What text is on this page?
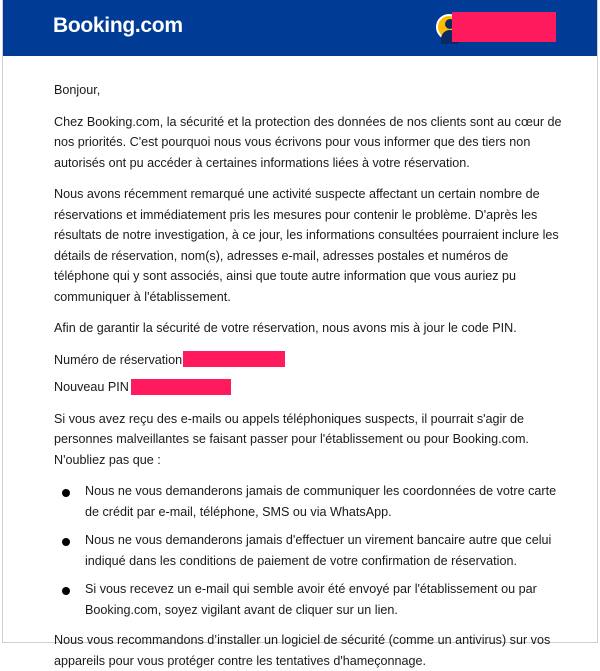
Booking.com

Bonjour,

Chez Booking.com, la sécurité et la protection des données de nos clients sont au cœur de nos priorités. C'est pourquoi nous vous écrivons pour vous informer que des tiers non autorisés ont pu accéder à certaines informations liées à votre réservation.

Nous avons récemment remarqué une activité suspecte affectant un certain nombre de réservations et immédiatement pris les mesures pour contenir le problème. D'après les résultats de notre investigation, à ce jour, les informations consultées pourraient inclure les détails de réservation, nom(s), adresses e-mail, adresses postales et numéros de téléphone qui y sont associés, ainsi que toute autre information que vous auriez pu communiquer à l'établissement.

Afin de garantir la sécurité de votre réservation, nous avons mis à jour le code PIN.

Numéro de réservation

Nouveau PIN

Si vous avez reçu des e-mails ou appels téléphoniques suspects, il pourrait s'agir de personnes malveillantes se faisant passer pour l'établissement ou pour Booking.com. N'oubliez pas que :

Nous ne vous demanderons jamais de communiquer les coordonnées de votre carte de crédit par e-mail, téléphone, SMS ou via WhatsApp.
Nous ne vous demanderons jamais d'effectuer un virement bancaire autre que celui indiqué dans les conditions de paiement de votre confirmation de réservation.
Si vous recevez un e-mail qui semble avoir été envoyé par l'établissement ou par Booking.com, soyez vigilant avant de cliquer sur un lien.

Nous vous recommandons d’installer un logiciel de sécurité (comme un antivirus) sur vos appareils pour vous protéger contre les tentatives d'hameçonnage.
